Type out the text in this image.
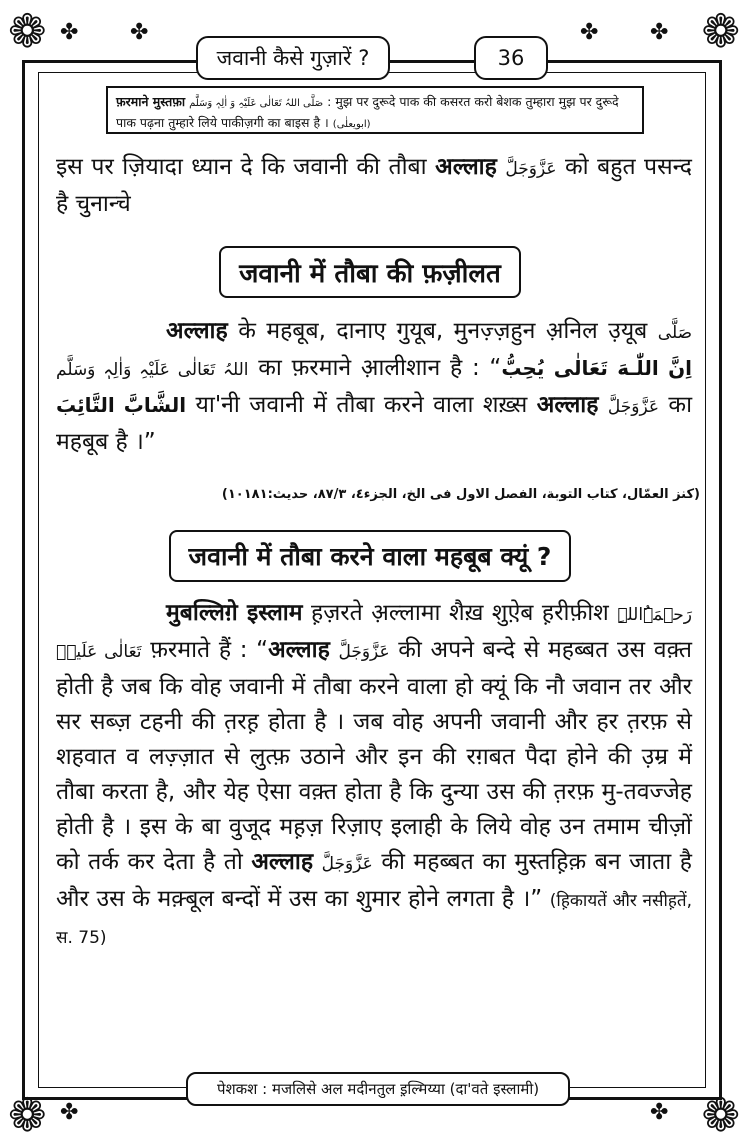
❁	❁
❁	❁
✤ ✤	✤ ✤
✤	✤
जवानी कैसे गुज़ारें ?	36
फ़रमाने मुस्तफ़ा صَلَّی اللہُ تَعَالٰی عَلَیْہِ وَ اٰلِہٖ وَسَلَّم : मुझ पर दुरूदे पाक की कसरत करो बेशक तुम्हारा मुझ पर दुरूदे पाक पढ़ना तुम्हारे लिये पाकीज़गी का बाइस है । (ابویعلٰی)
इस पर ज़ियादा ध्यान दे कि जवानी की तौबा अल्लाह عَزَّوَجَلَّ को बहुत पसन्द है चुनान्चे
जवानी में तौबा की फ़ज़ीलत
अल्लाह के महबूब, दानाए गुयूब, मुनज़्ज़हुन अ़निल उ़यूब صَلَّی اللہُ تَعَالٰی عَلَیْہِ وَاٰلِہٖ وَسَلَّم का फ़रमाने आ़लीशान है : “اِنَّ اللّٰـهَ تَعَالٰی یُحِبُّ الشَّابَّ التَّائِبَ या'नी जवानी में तौबा करने वाला शख़्स अल्लाह عَزَّوَجَلَّ का महबूब है ।”
(کنز العمّال، کتاب التوبة، الفصل الاول فی الخ، الجزء٤، ٨٧/٣، حدیث:١٠١٨١)
जवानी में तौबा करने वाला महबूब क्यूं ?
मुबल्लिग़े इस्लाम ह़ज़रते अ़ल्लामा शैख़ शुऐ़ब ह़रीफ़ीश رَحۡمَۃُاللہِ تَعَالٰی عَلَیۡہ फ़रमाते हैं : “अल्लाह عَزَّوَجَلَّ की अपने बन्दे से महब्बत उस वक़्त होती है जब कि वोह जवानी में तौबा करने वाला हो क्यूं कि नौ जवान तर और सर सब्ज़ टहनी की त़रह़ होता है । जब वोह अपनी जवानी और हर त़रफ़ से शहवात व लज़्ज़ात से लुत्फ़ उठाने और इन की रग़बत पैदा होने की उ़म्र में तौबा करता है, और येह ऐसा वक़्त होता है कि दुन्या उस की त़रफ़ मु-तवज्जेह होती है । इस के बा वुजूद मह़ज़ रिज़ाए इलाही के लिये वोह उन तमाम चीज़ों को तर्क कर देता है तो अल्लाह عَزَّوَجَلَّ की महब्बत का मुस्तह़िक़ बन जाता है और उस के मक़्बूल बन्दों में उस का शुमार होने लगता है ।” (ह़िकायतें और नसीह़तें, स. 75)
पेशकश : मजलिसे अल मदीनतुल इ़ल्मिय्या (दा'वते इस्लामी)
